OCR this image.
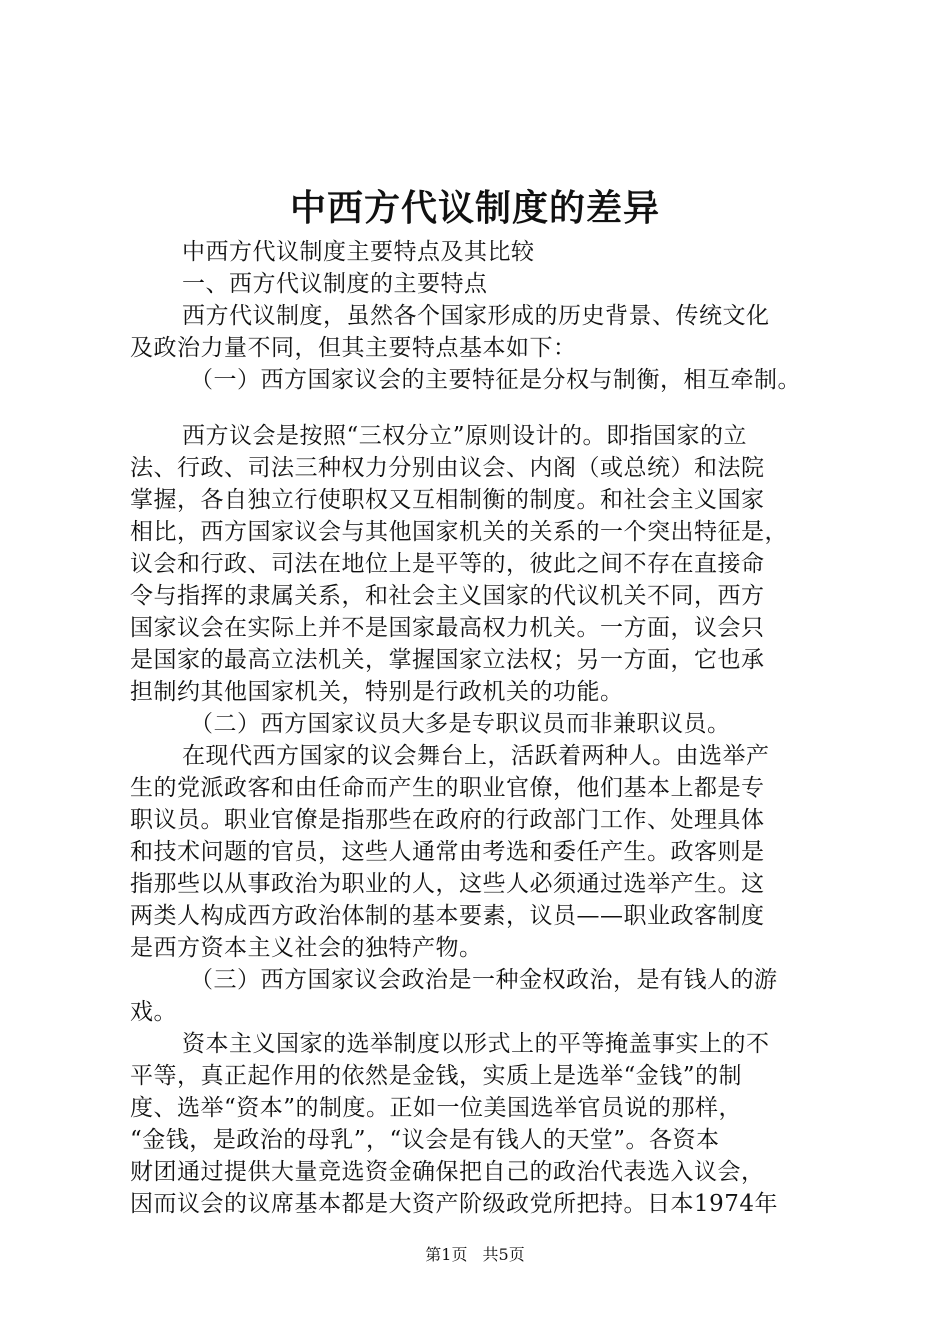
中西方代议制度的差异
中西方代议制度主要特点及其比较
一、西方代议制度的主要特点
西方代议制度，虽然各个国家形成的历史背景、传统文化
及政治力量不同，但其主要特点基本如下：
（一）西方国家议会的主要特征是分权与制衡，相互牵制。
西方议会是按照“三权分立”原则设计的。即指国家的立
法、行政、司法三种权力分别由议会、内阁（或总统）和法院
掌握，各自独立行使职权又互相制衡的制度。和社会主义国家
相比，西方国家议会与其他国家机关的关系的一个突出特征是，
议会和行政、司法在地位上是平等的，彼此之间不存在直接命
令与指挥的隶属关系，和社会主义国家的代议机关不同，西方
国家议会在实际上并不是国家最高权力机关。一方面，议会只
是国家的最高立法机关，掌握国家立法权；另一方面，它也承
担制约其他国家机关，特别是行政机关的功能。
（二）西方国家议员大多是专职议员而非兼职议员。
在现代西方国家的议会舞台上，活跃着两种人。由选举产
生的党派政客和由任命而产生的职业官僚，他们基本上都是专
职议员。职业官僚是指那些在政府的行政部门工作、处理具体
和技术问题的官员，这些人通常由考选和委任产生。政客则是
指那些以从事政治为职业的人，这些人必须通过选举产生。这
两类人构成西方政治体制的基本要素，议员——职业政客制度
是西方资本主义社会的独特产物。
（三）西方国家议会政治是一种金权政治，是有钱人的游
戏。
资本主义国家的选举制度以形式上的平等掩盖事实上的不
平等，真正起作用的依然是金钱，实质上是选举“金钱”的制
度、选举“资本”的制度。正如一位美国选举官员说的那样，
“金钱，是政治的母乳”，“议会是有钱人的天堂”。各资本
财团通过提供大量竞选资金确保把自己的政治代表选入议会，
因而议会的议席基本都是大资产阶级政党所把持。日本1974年
第1页 共5页
